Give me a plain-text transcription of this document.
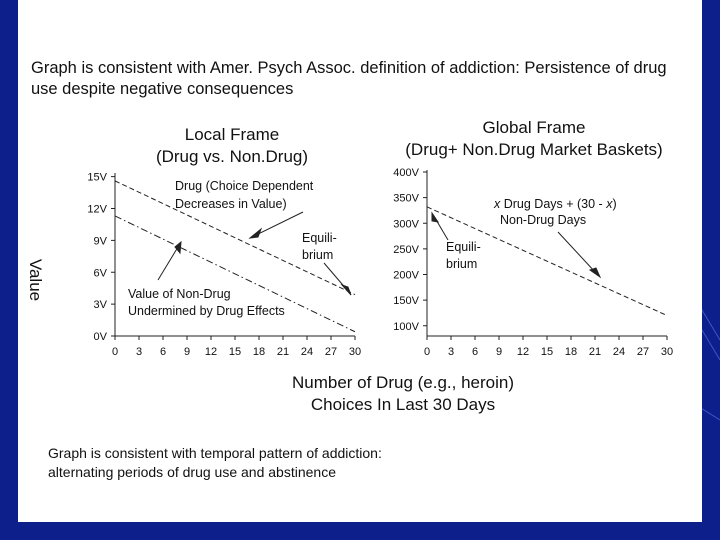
Graph is consistent with Amer. Psych Assoc. definition of addiction: Persistence of drug use despite negative consequences
Local Frame
(Drug vs. Non.Drug)
0V
3V
6V
9V
12V
15V
0 3 6 9 12 15 18 21 24 27 30
Drug (Choice Dependent
Decreases in Value)
Equili-
brium
Value of Non-Drug
Undermined by Drug Effects
Value
Global Frame
(Drug+ Non.Drug Market Baskets)
100V
150V
200V
250V
300V
350V
400V
0 3 6 9 12 15 18 21 24 27 30
x Drug Days + (30 - x)
Non-Drug Days
Equili-
brium
Number of Drug (e.g., heroin)
Choices In Last 30 Days
Graph is consistent with temporal pattern of addiction:
alternating periods of drug use and abstinence
